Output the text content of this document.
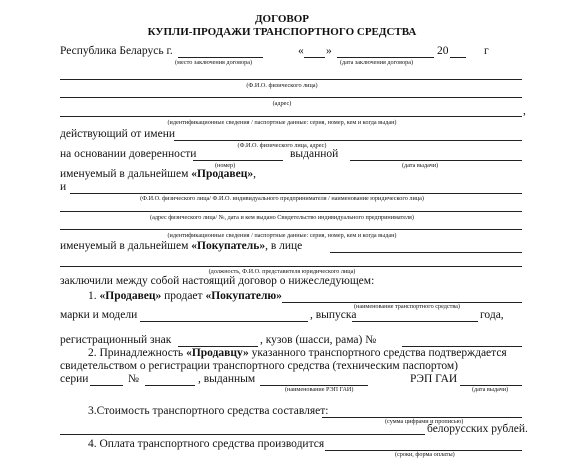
ДОГОВОР
КУПЛИ-ПРОДАЖИ ТРАНСПОРТНОГО СРЕДСТВА
Республика Беларусь г.	« »	20	г
(место заключения договора)	(дата заключения договора)
(Ф.И.О. физического лица)
(адрес)
,
(идентификационные сведения / паспортные данные: серия, номер, кем и когда выдан)
действующий от имени
(Ф.И.О. физического лица, адрес)
на основании доверенности	выданной
(номер)	(дата выдачи)
именуемый в дальнейшем «Продавец»,
и
(Ф.И.О. физического лица/ Ф.И.О. индивидуального предпринимателя / наименование юридического лица)
(адрес физического лица/ №, дата и кем выдано Свидетельство индивидуального предпринимателя)
(идентификационные сведения / паспортные данные: серия, номер, кем и когда выдан)
именуемый в дальнейшем «Покупатель», в лице
(должность, Ф.И.О. представителя юридического лица)
заключили между собой настоящий договор о нижеследующем:
1. «Продавец» продает «Покупателю»
(наименование транспортного средства)
марки и модели	, выпуска	года,
регистрационный знак	, кузов (шасси, рама) №
2. Принадлежность «Продавцу» указанного транспортного средства подтверждается
свидетельством о регистрации транспортного средства (техническим паспортом)
серии	№	, выданным	РЭП ГАИ
(наименование РЭП ГАИ)	(дата выдачи)
3.Стоимость транспортного средства составляет:
(сумма цифрами и прописью)
белорусских рублей.
4. Оплата транспортного средства производится
(сроки, форма оплаты)
